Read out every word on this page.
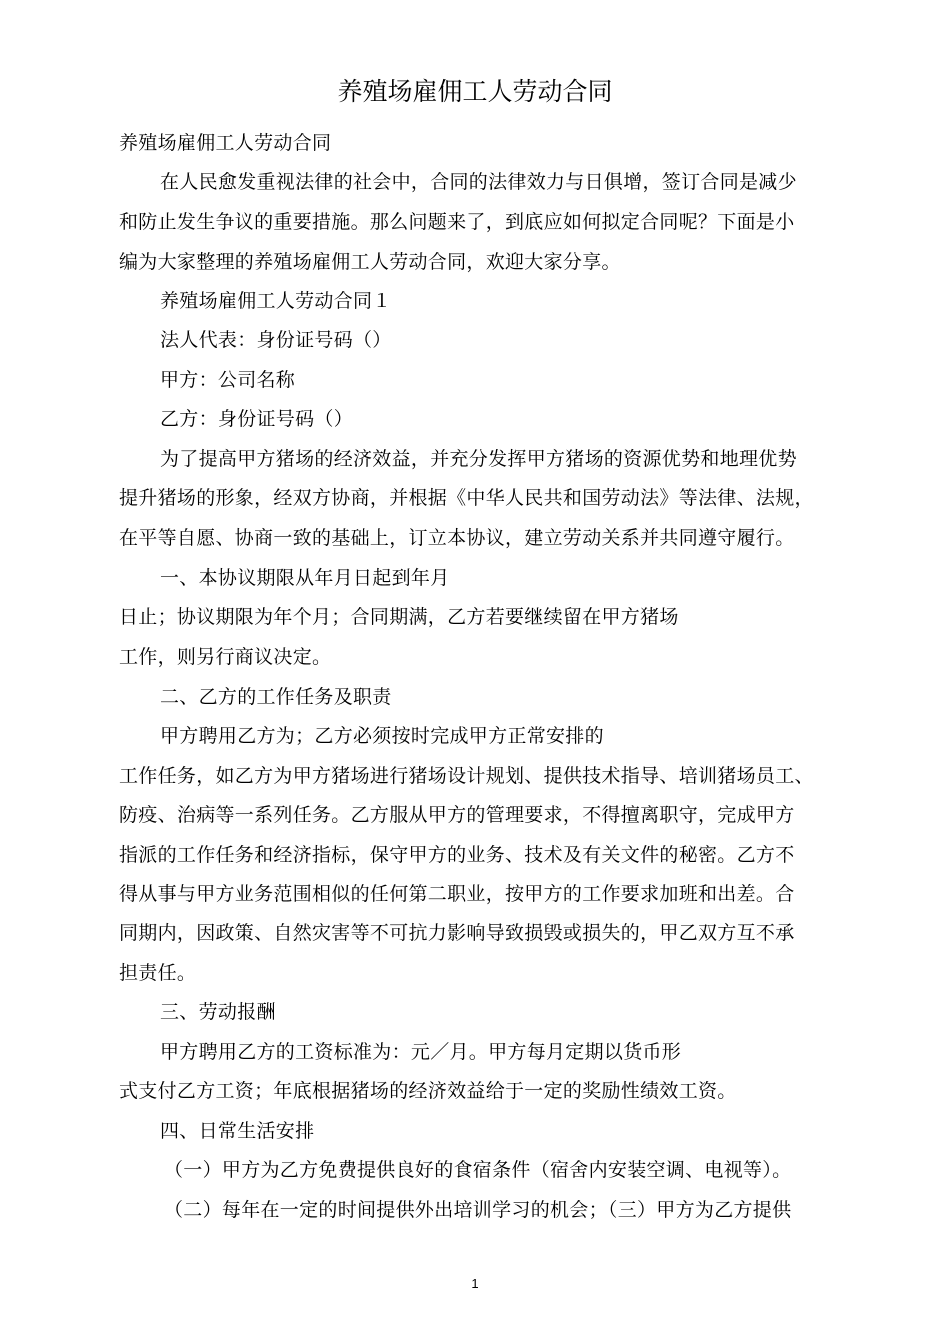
养殖场雇佣工人劳动合同
养殖场雇佣工人劳动合同
在人民愈发重视法律的社会中，合同的法律效力与日俱增，签订合同是减少
和防止发生争议的重要措施。那么问题来了，到底应如何拟定合同呢？下面是小
编为大家整理的养殖场雇佣工人劳动合同，欢迎大家分享。
养殖场雇佣工人劳动合同１
法人代表：身份证号码（）
甲方：公司名称
乙方：身份证号码（）
为了提高甲方猪场的经济效益，并充分发挥甲方猪场的资源优势和地理优势
提升猪场的形象，经双方协商，并根据《中华人民共和国劳动法》等法律、法规，
在平等自愿、协商一致的基础上，订立本协议，建立劳动关系并共同遵守履行。
一、本协议期限从年月日起到年月
日止；协议期限为年个月；合同期满，乙方若要继续留在甲方猪场
工作，则另行商议决定。
二、乙方的工作任务及职责
甲方聘用乙方为；乙方必须按时完成甲方正常安排的
工作任务，如乙方为甲方猪场进行猪场设计规划、提供技术指导、培训猪场员工、
防疫、治病等一系列任务。乙方服从甲方的管理要求，不得擅离职守，完成甲方
指派的工作任务和经济指标，保守甲方的业务、技术及有关文件的秘密。乙方不
得从事与甲方业务范围相似的任何第二职业，按甲方的工作要求加班和出差。合
同期内，因政策、自然灾害等不可抗力影响导致损毁或损失的，甲乙双方互不承
担责任。
三、劳动报酬
甲方聘用乙方的工资标准为：元／月。甲方每月定期以货币形
式支付乙方工资；年底根据猪场的经济效益给于一定的奖励性绩效工资。
四、日常生活安排
（一）甲方为乙方免费提供良好的食宿条件（宿舍内安装空调、电视等）。
（二）每年在一定的时间提供外出培训学习的机会；（三）甲方为乙方提供
1
